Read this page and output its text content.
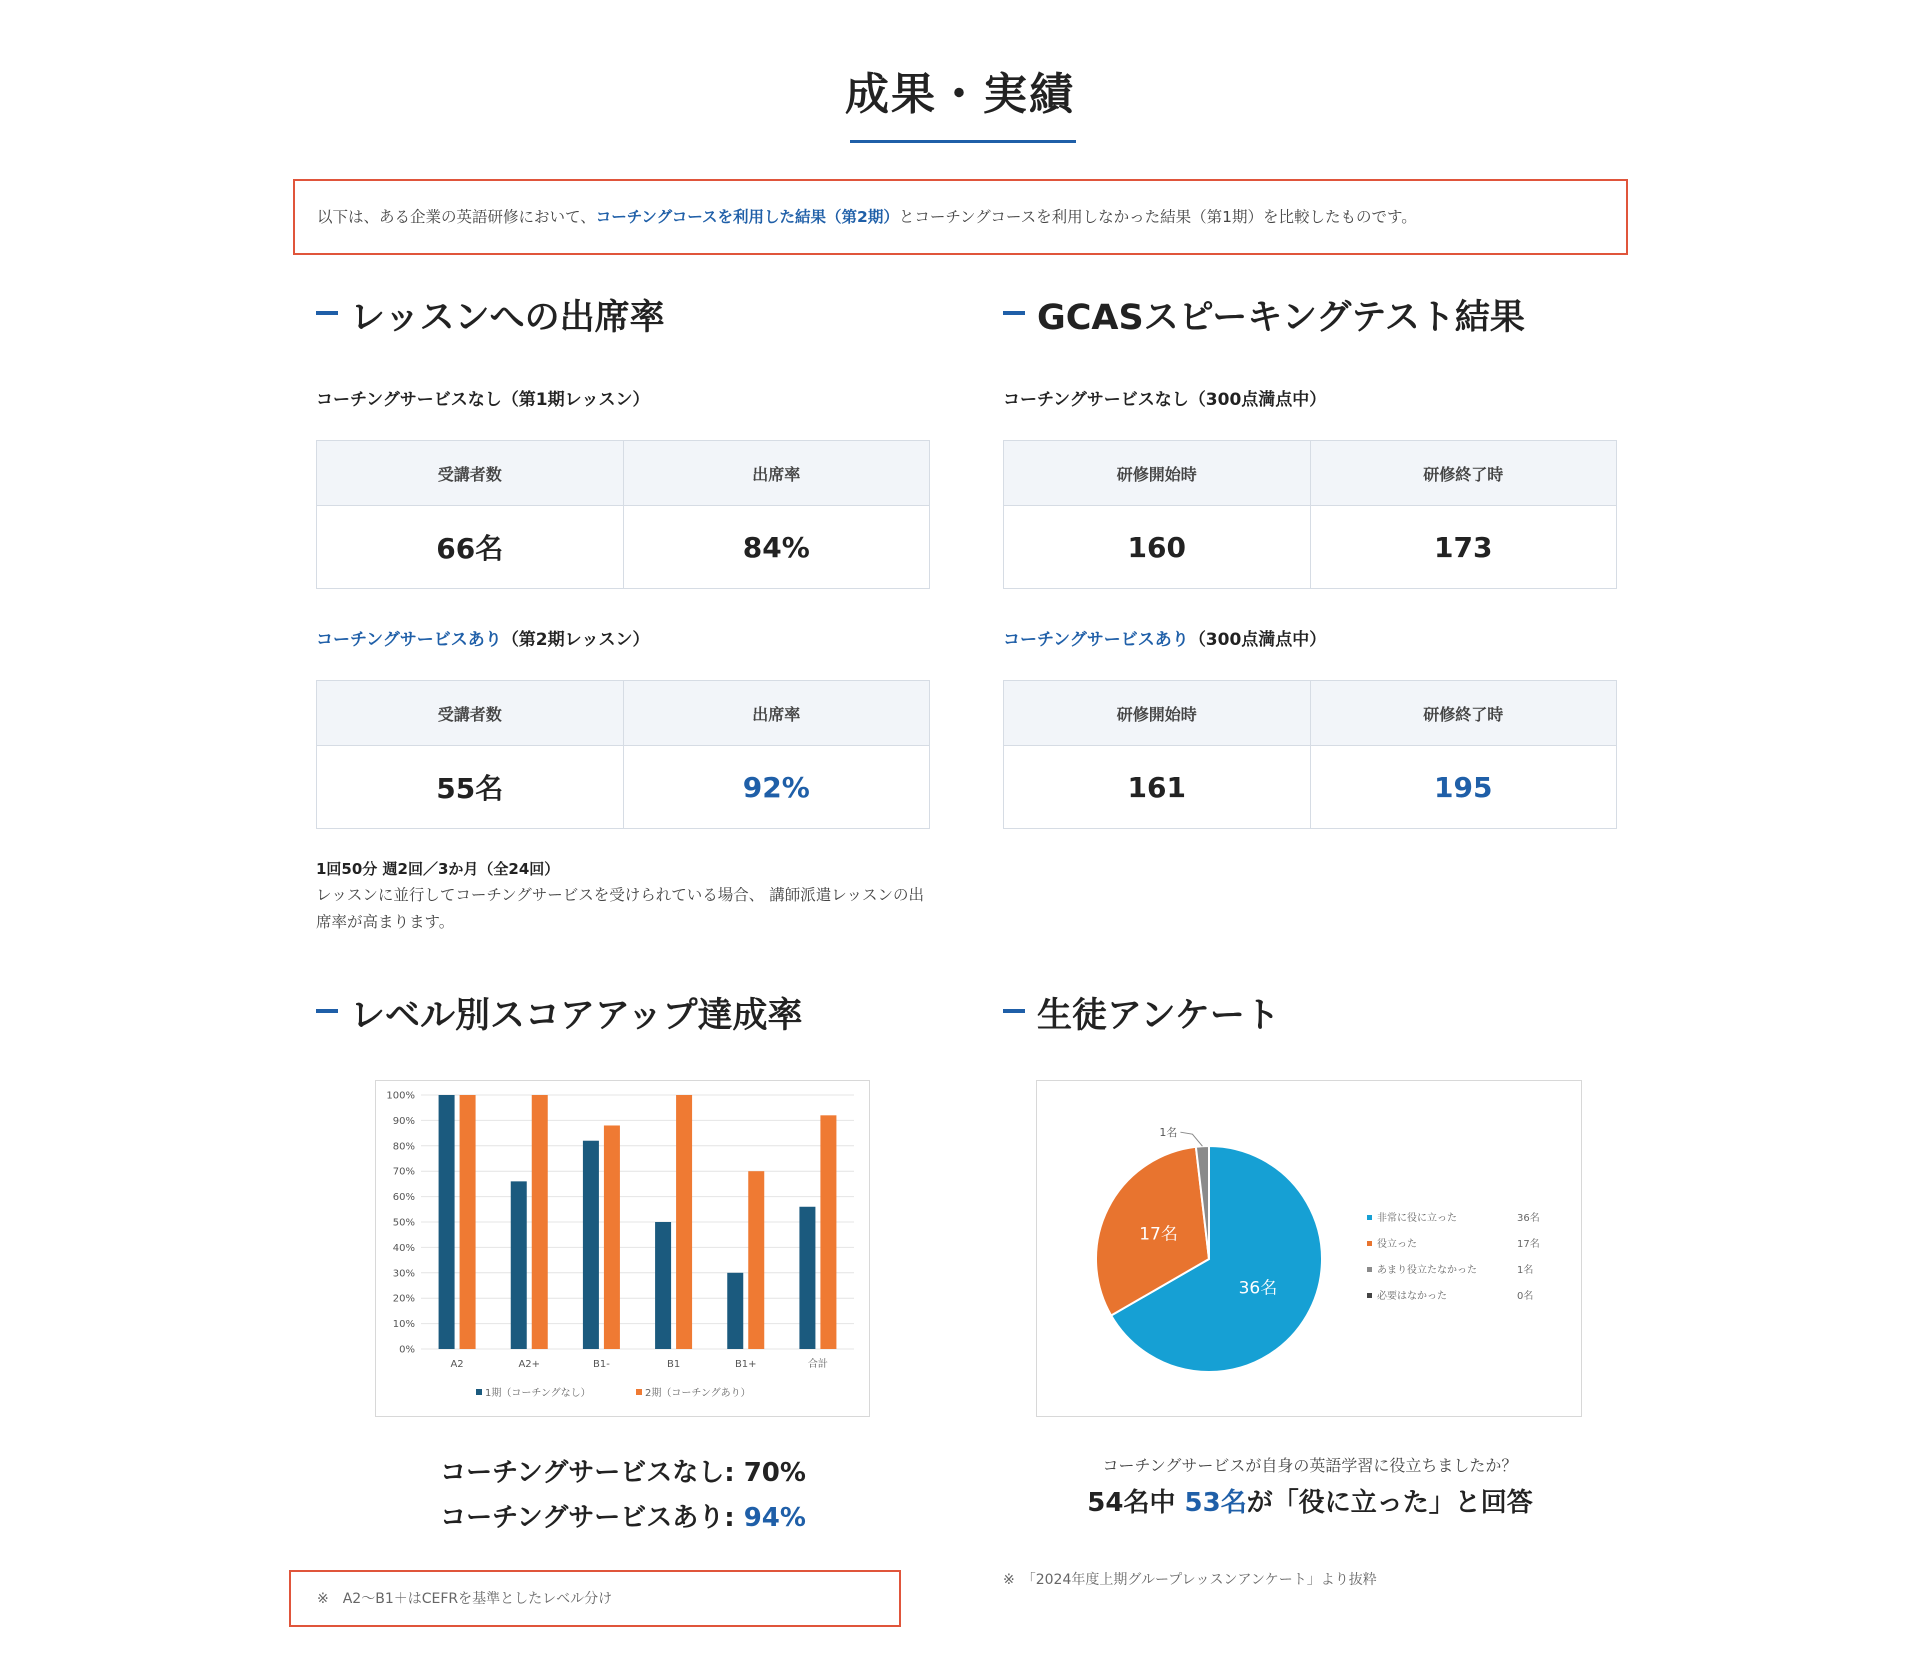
成果・実績
以下は、ある企業の英語研修において、コーチングコースを利用した結果（第2期）とコーチングコースを利用しなかった結果（第1期）を比較したものです。
レッスンへの出席率
コーチングサービスなし（第1期レッスン）
受講者数	出席率
66名	84%
コーチングサービスあり（第2期レッスン）
受講者数	出席率
55名	92%
1回50分 週2回／3か月（全24回）
レッスンに並行してコーチングサービスを受けられている場合、 講師派遣レッスンの出席率が高まります。
GCASスピーキングテスト結果
コーチングサービスなし（300点満点中）
研修開始時	研修終了時
160	173
コーチングサービスあり（300点満点中）
研修開始時	研修終了時
161	195
レベル別スコアアップ達成率
0%
10%
20%
30%
40%
50%
60%
70%
80%
90%
100%
A2	A2+	B1-	B1	B1+	合計
1期（コーチングなし）	2期（コーチングあり）
コーチングサービスなし: 70%
コーチングサービスあり: 94%
※　A2〜B1＋はCEFRを基準としたレベル分け
生徒アンケート
36名
17名
1名
非常に役に立った	36名
役立った	17名
あまり役立たなかった	1名
必要はなかった	0名
コーチングサービスが自身の英語学習に役立ちましたか？
54名中 53名が「役に立った」と回答
※　「2024年度上期グループレッスンアンケート」より抜粋
